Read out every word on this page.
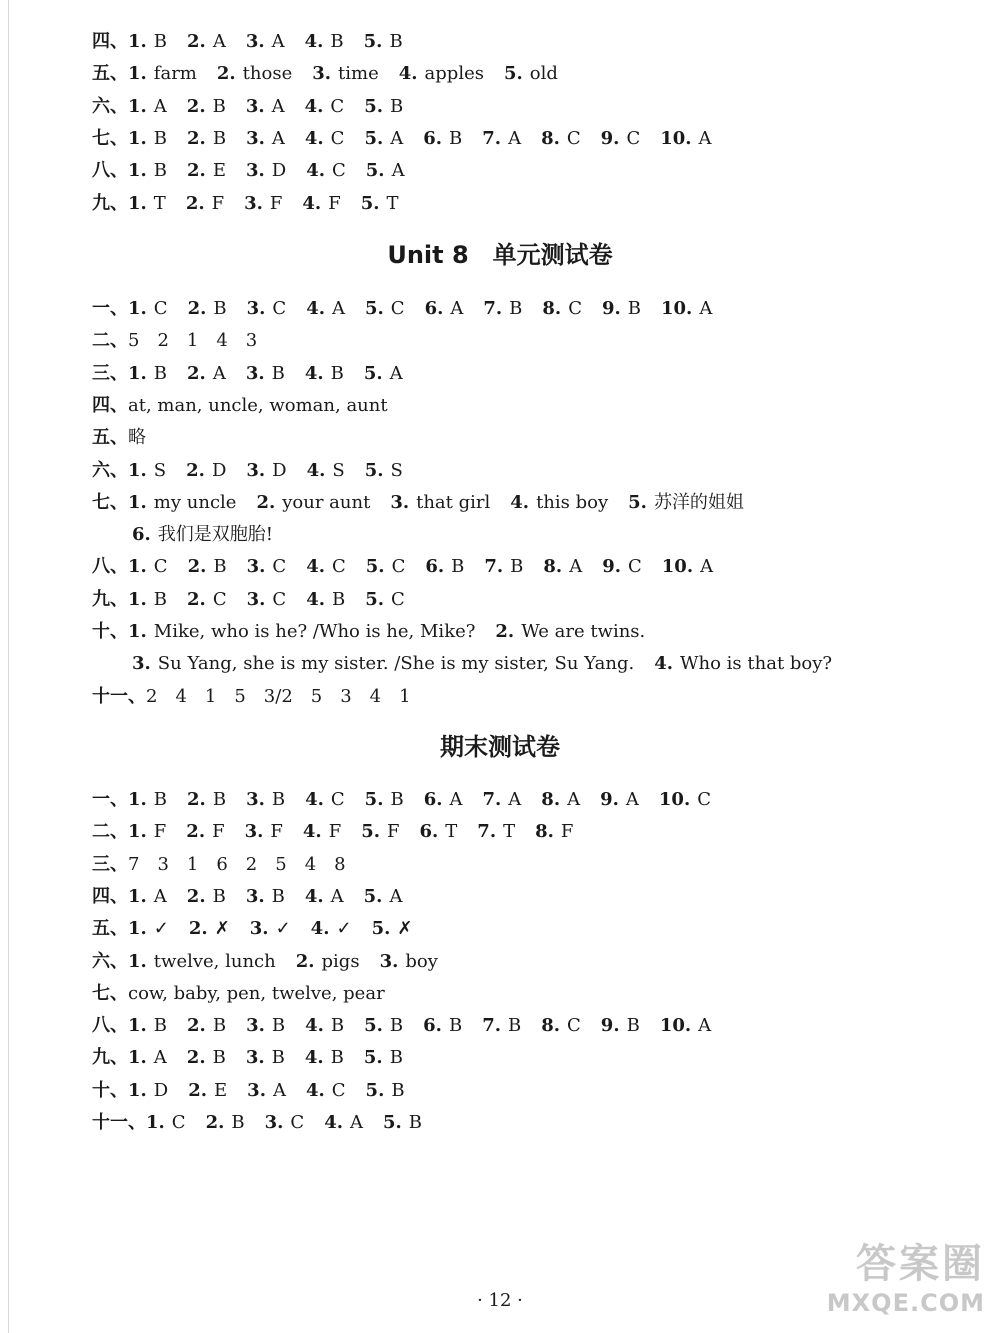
四、1. B 2. A 3. A 4. B 5. B
五、1. farm 2. those 3. time 4. apples 5. old
六、1. A 2. B 3. A 4. C 5. B
七、1. B 2. B 3. A 4. C 5. A 6. B 7. A 8. C 9. C 10. A
八、1. B 2. E 3. D 4. C 5. A
九、1. T 2. F 3. F 4. F 5. T
Unit 8　单元测试卷
一、1. C 2. B 3. C 4. A 5. C 6. A 7. B 8. C 9. B 10. A
二、5　2　1　4　3
三、1. B 2. A 3. B 4. B 5. A
四、at, man, uncle, woman, aunt
五、略
六、1. S 2. D 3. D 4. S 5. S
七、1. my uncle 2. your aunt 3. that girl 4. this boy 5. 苏洋的姐姐
6. 我们是双胞胎!
八、1. C 2. B 3. C 4. C 5. C 6. B 7. B 8. A 9. C 10. A
九、1. B 2. C 3. C 4. B 5. C
十、1. Mike, who is he? /Who is he, Mike? 2. We are twins.
3. Su Yang, she is my sister. /She is my sister, Su Yang. 4. Who is that boy?
十一、2　4　1　5　3/2　5　3　4　1
期末测试卷
一、1. B 2. B 3. B 4. C 5. B 6. A 7. A 8. A 9. A 10. C
二、1. F 2. F 3. F 4. F 5. F 6. T 7. T 8. F
三、7　3　1　6　2　5　4　8
四、1. A 2. B 3. B 4. A 5. A
五、1. ✓ 2. ✗ 3. ✓ 4. ✓ 5. ✗
六、1. twelve, lunch 2. pigs 3. boy
七、cow, baby, pen, twelve, pear
八、1. B 2. B 3. B 4. B 5. B 6. B 7. B 8. C 9. B 10. A
九、1. A 2. B 3. B 4. B 5. B
十、1. D 2. E 3. A 4. C 5. B
十一、1. C 2. B 3. C 4. A 5. B
· 12 ·
答案圈
MXQE.COM
